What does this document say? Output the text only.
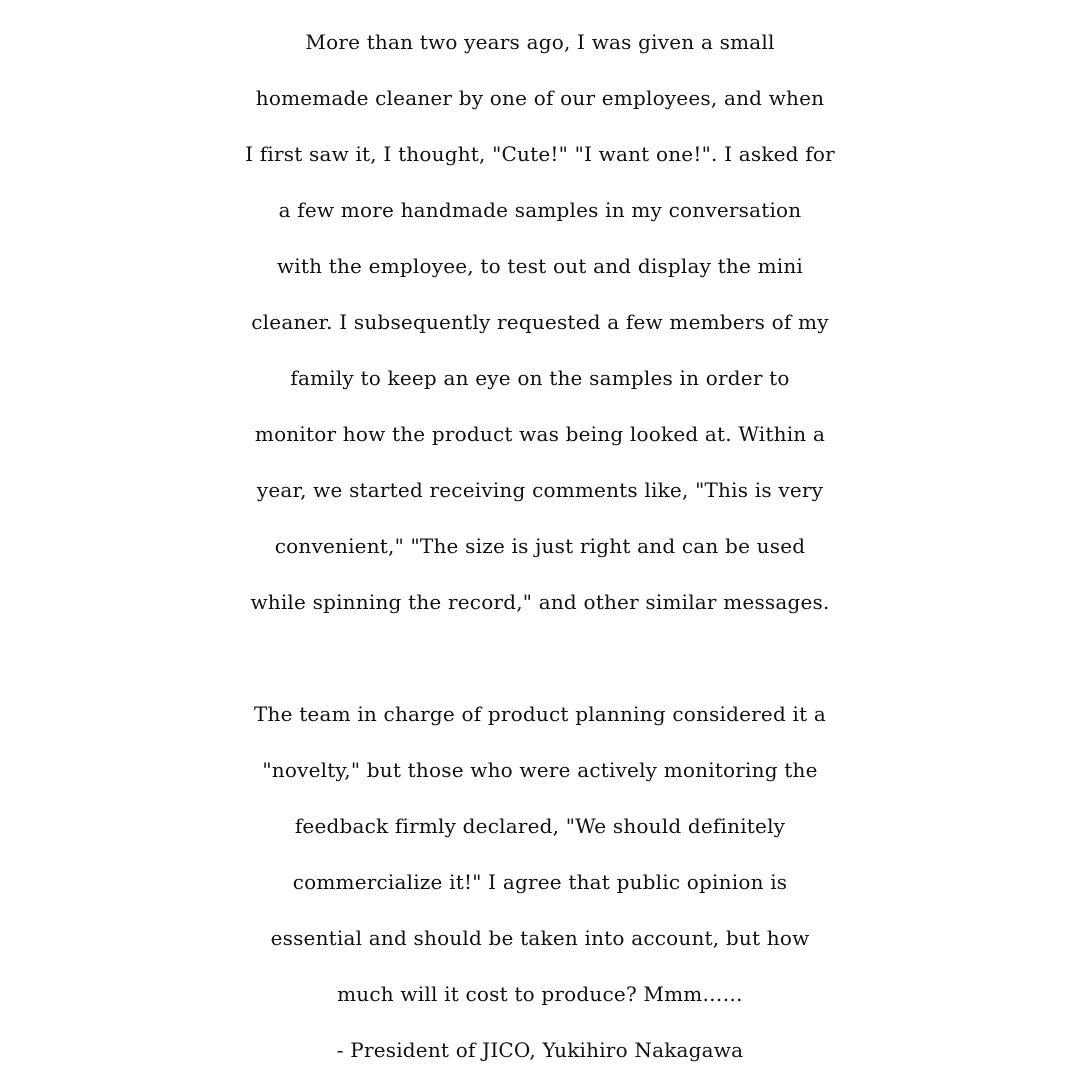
More than two years ago, I was given a small
homemade cleaner by one of our employees, and when
I first saw it, I thought, "Cute!" "I want one!". I asked for
a few more handmade samples in my conversation
with the employee, to test out and display the mini
cleaner. I subsequently requested a few members of my
family to keep an eye on the samples in order to
monitor how the product was being looked at. Within a
year, we started receiving comments like, "This is very
convenient," "The size is just right and can be used
while spinning the record," and other similar messages.
The team in charge of product planning considered it a
"novelty," but those who were actively monitoring the
feedback firmly declared, "We should definitely
commercialize it!" I agree that public opinion is
essential and should be taken into account, but how
much will it cost to produce? Mmm……
- President of JICO, Yukihiro Nakagawa
